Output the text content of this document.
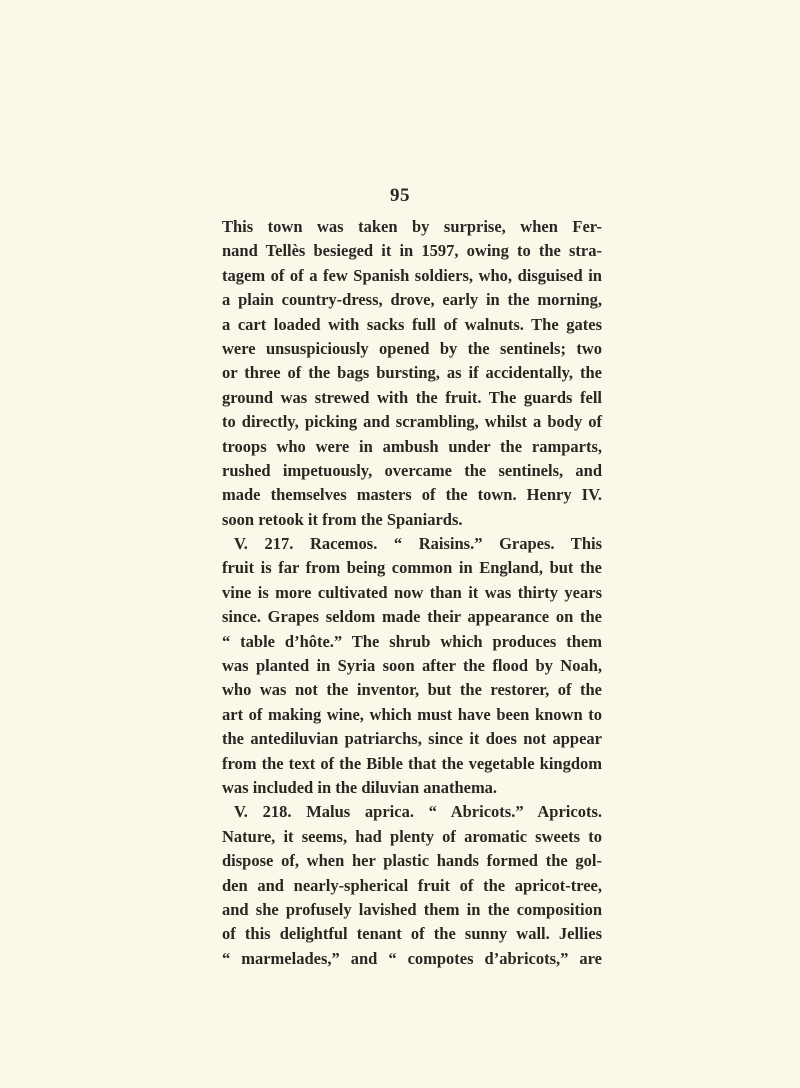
95
This town was taken by surprise, when Fer-
nand Tellès besieged it in 1597, owing to the stra-
tagem of of a few Spanish soldiers, who, disguised in
a plain country-dress, drove, early in the morning,
a cart loaded with sacks full of walnuts. The gates
were unsuspiciously opened by the sentinels; two
or three of the bags bursting, as if accidentally, the
ground was strewed with the fruit. The guards fell
to directly, picking and scrambling, whilst a body of
troops who were in ambush under the ramparts,
rushed impetuously, overcame the sentinels, and
made themselves masters of the town. Henry IV.
soon retook it from the Spaniards.
V. 217. Racemos. “ Raisins.” Grapes. This
fruit is far from being common in England, but the
vine is more cultivated now than it was thirty years
since. Grapes seldom made their appearance on the
“ table d’hôte.” The shrub which produces them
was planted in Syria soon after the flood by Noah,
who was not the inventor, but the restorer, of the
art of making wine, which must have been known to
the antediluvian patriarchs, since it does not appear
from the text of the Bible that the vegetable kingdom
was included in the diluvian anathema.
V. 218. Malus aprica. “ Abricots.” Apricots.
Nature, it seems, had plenty of aromatic sweets to
dispose of, when her plastic hands formed the gol-
den and nearly-spherical fruit of the apricot-tree,
and she profusely lavished them in the composition
of this delightful tenant of the sunny wall. Jellies
“ marmelades,” and “ compotes d’abricots,” are
